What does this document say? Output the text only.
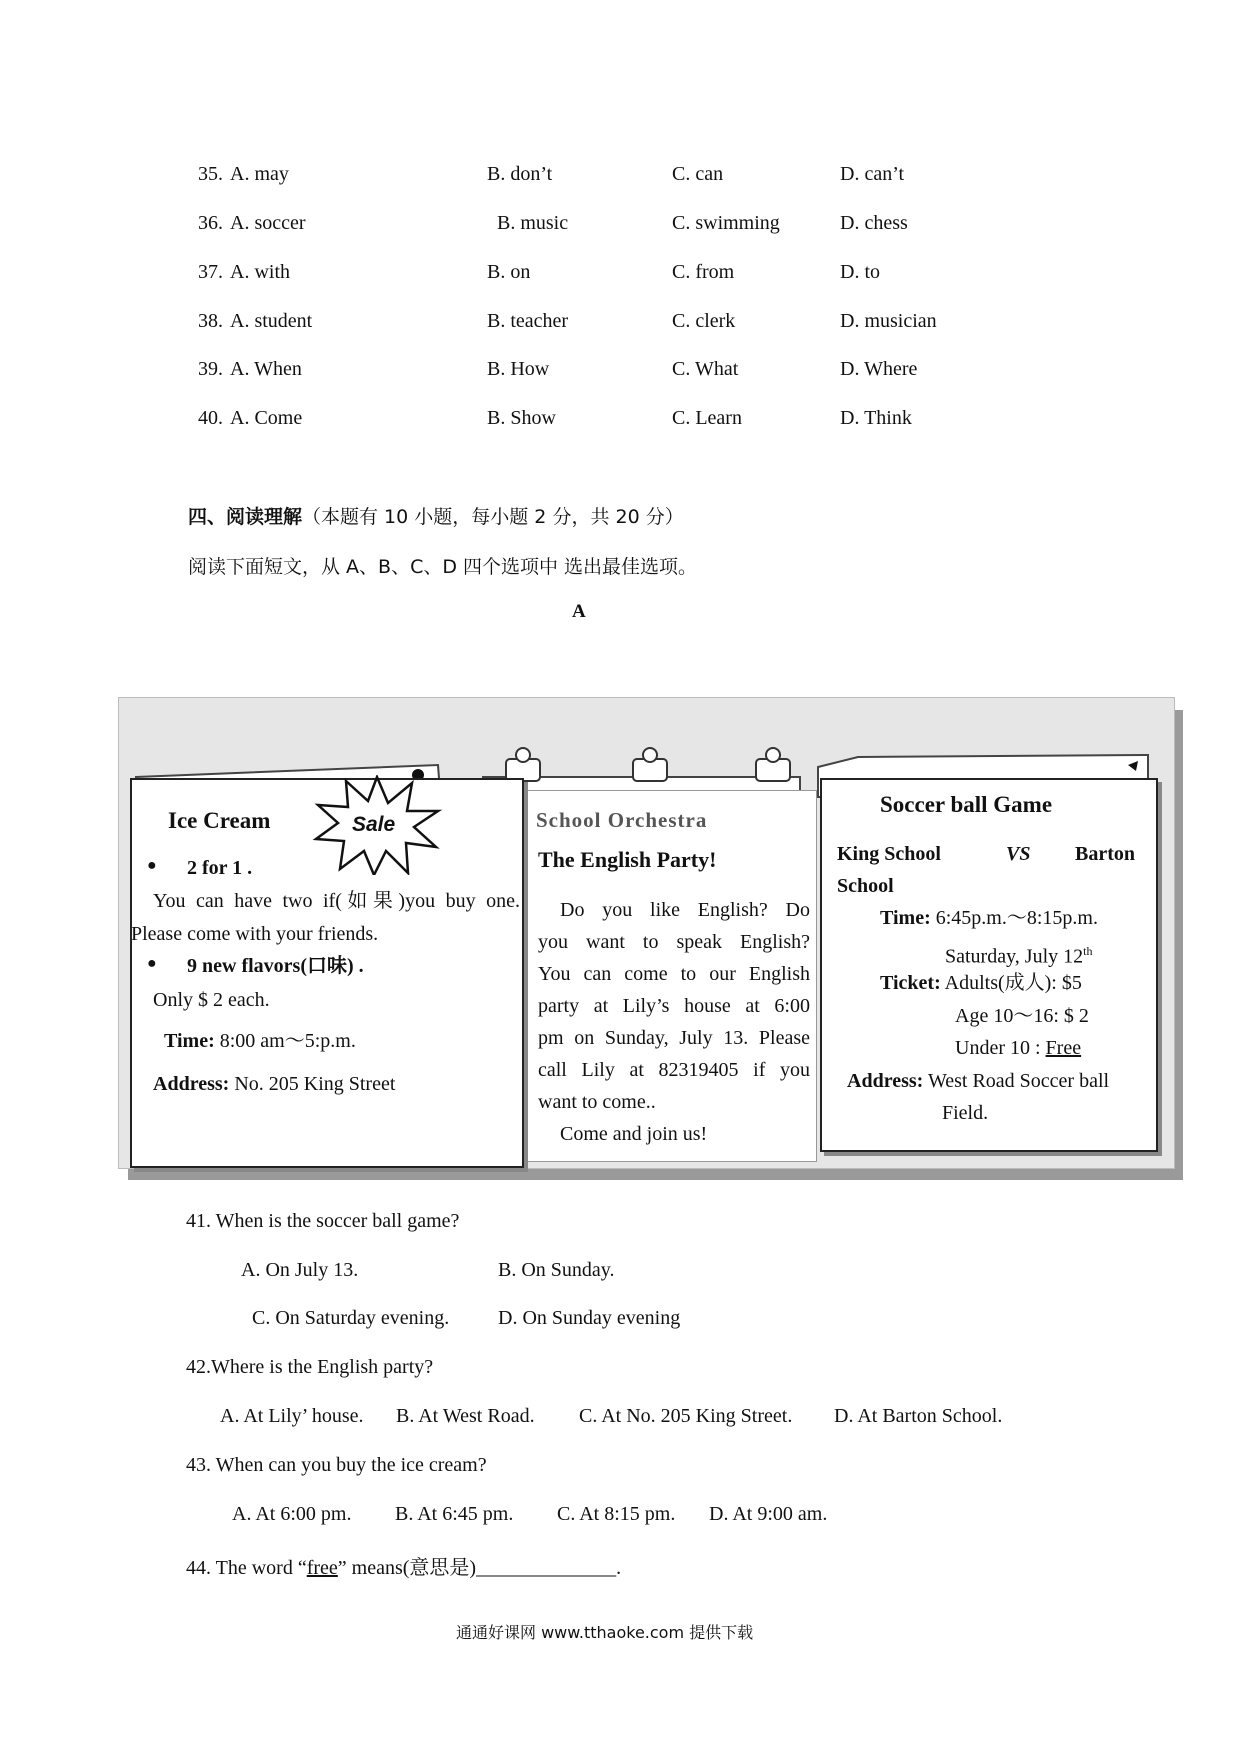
35. A. may	B. don’t	C. can	D. can’t
36. A. soccer	B. music	C. swimming	D. chess
37. A. with	B. on	C. from	D. to
38. A. student	B. teacher	C. clerk	D. musician
39. A. When	B. How	C. What	D. Where
40. A. Come	B. Show	C. Learn	D. Think
四、阅读理解（本题有 10 小题，每小题 2 分，共 20 分）
阅读下面短文，从 A、B、C、D 四个选项中 选出最佳选项。
A
School Orchestra
The English Party!
Do you like English? Do
you want to speak English?
You can come to our English
party at Lily’s house at 6:00
pm on Sunday, July 13. Please
call Lily at 82319405 if you
want to come..
Come and join us!
Ice Cream	Sale
● 2 for 1 .
You can have two if(如果)you buy one.
Please come with your friends.
● 9 new flavors(口味) .
Only $ 2 each.
Time: 8:00 am～5:p.m.
Address: No. 205 King Street
Soccer ball Game
King School	VS Barton
School
Time: 6:45p.m.～8:15p.m.
Saturday, July 12th
Ticket: Adults(成人): $5
Age 10～16: $ 2
Under 10 : Free
Address: West Road Soccer ball
Field.
41. When is the soccer ball game?
A. On July 13.	B. On Sunday.
C. On Saturday evening. D. On Sunday evening
42.Where is the English party?
A. At Lily’ house. B. At West Road. C. At No. 205 King Street. D. At Barton School.
43. When can you buy the ice cream?
A. At 6:00 pm. B. At 6:45 pm. C. At 8:15 pm. D. At 9:00 am.
44. The word “free” means(意思是)______________.
通通好课网 www.tthaoke.com 提供下载
